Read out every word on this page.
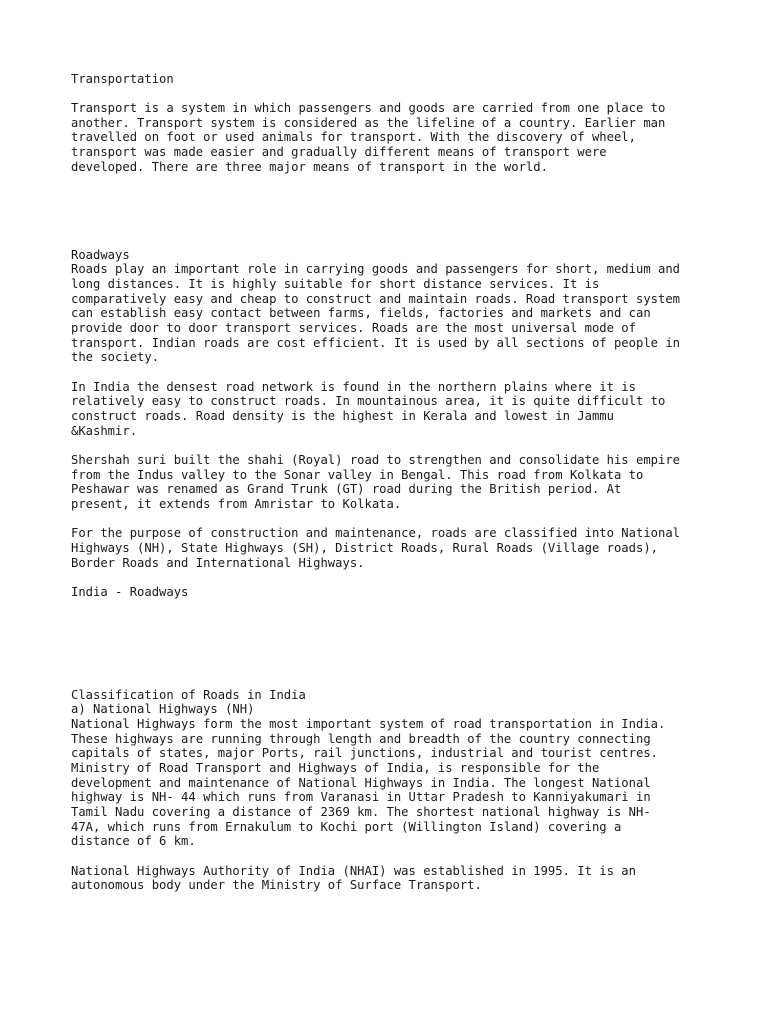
Transportation
Transport is a system in which passengers and goods are carried from one place to
another. Transport system is considered as the lifeline of a country. Earlier man
travelled on foot or used animals for transport. With the discovery of wheel,
transport was made easier and gradually different means of transport were
developed. There are three major means of transport in the world.
Roadways
Roads play an important role in carrying goods and passengers for short, medium and
long distances. It is highly suitable for short distance services. It is
comparatively easy and cheap to construct and maintain roads. Road transport system
can establish easy contact between farms, fields, factories and markets and can
provide door to door transport services. Roads are the most universal mode of
transport. Indian roads are cost efficient. It is used by all sections of people in
the society.
In India the densest road network is found in the northern plains where it is
relatively easy to construct roads. In mountainous area, it is quite difficult to
construct roads. Road density is the highest in Kerala and lowest in Jammu
&Kashmir.
Shershah suri built the shahi (Royal) road to strengthen and consolidate his empire
from the Indus valley to the Sonar valley in Bengal. This road from Kolkata to
Peshawar was renamed as Grand Trunk (GT) road during the British period. At
present, it extends from Amristar to Kolkata.
For the purpose of construction and maintenance, roads are classified into National
Highways (NH), State Highways (SH), District Roads, Rural Roads (Village roads),
Border Roads and International Highways.
India - Roadways
Classification of Roads in India
a) National Highways (NH)
National Highways form the most important system of road transportation in India.
These highways are running through length and breadth of the country connecting
capitals of states, major Ports, rail junctions, industrial and tourist centres.
Ministry of Road Transport and Highways of India, is responsible for the
development and maintenance of National Highways in India. The longest National
highway is NH- 44 which runs from Varanasi in Uttar Pradesh to Kanniyakumari in
Tamil Nadu covering a distance of 2369 km. The shortest national highway is NH-
47A, which runs from Ernakulum to Kochi port (Willington Island) covering a
distance of 6 km.
National Highways Authority of India (NHAI) was established in 1995. It is an
autonomous body under the Ministry of Surface Transport.
